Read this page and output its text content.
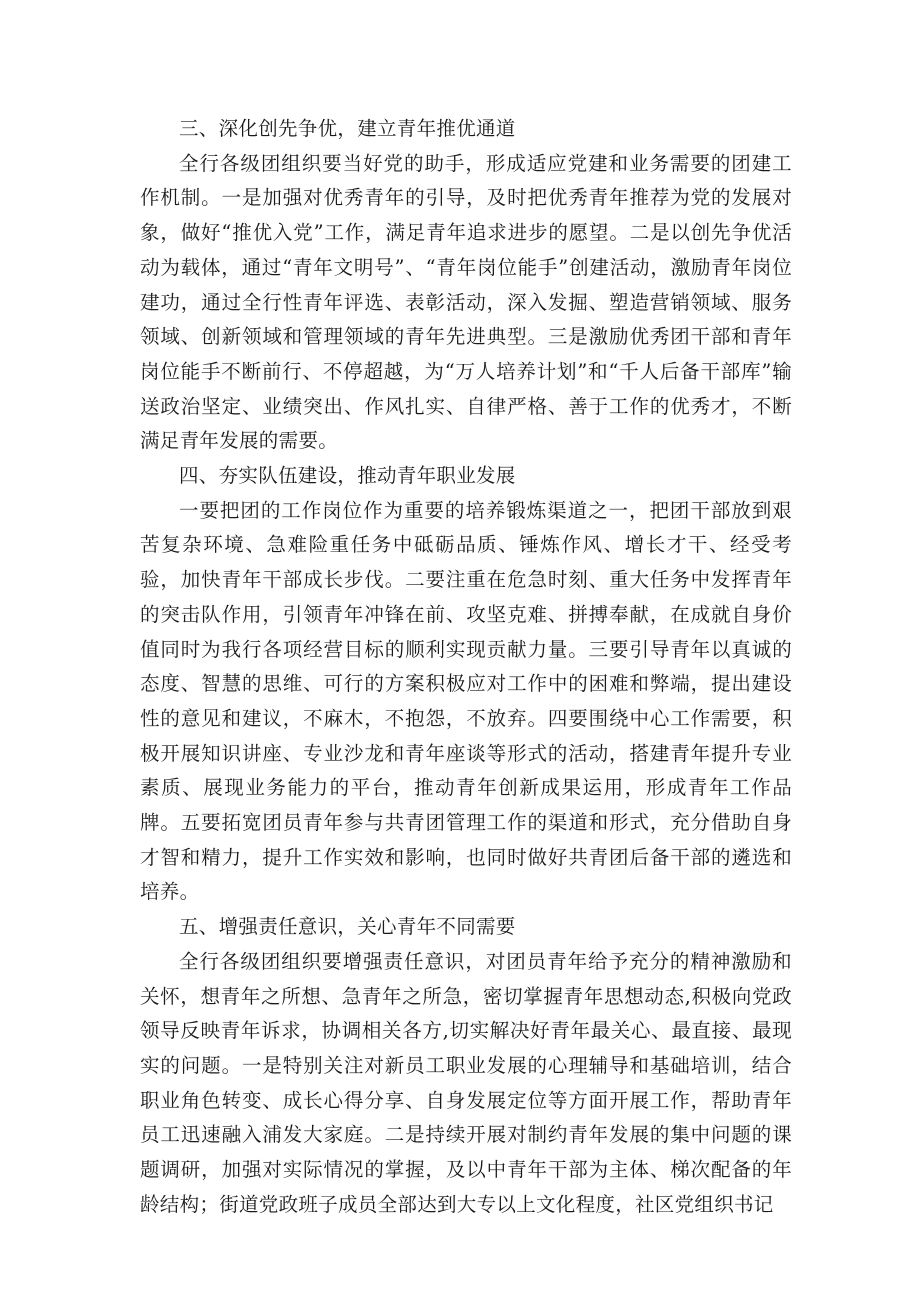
三、深化创先争优，建立青年推优通道

全行各级团组织要当好党的助手，形成适应党建和业务需要的团建工作机制。一是加强对优秀青年的引导，及时把优秀青年推荐为党的发展对象，做好“推优入党”工作，满足青年追求进步的愿望。二是以创先争优活动为载体，通过“青年文明号”、“青年岗位能手”创建活动，激励青年岗位建功，通过全行性青年评选、表彰活动，深入发掘、塑造营销领域、服务领域、创新领域和管理领域的青年先进典型。三是激励优秀团干部和青年岗位能手不断前行、不停超越，为“万人培养计划”和“千人后备干部库”输送政治坚定、业绩突出、作风扎实、自律严格、善于工作的优秀才，不断满足青年发展的需要。

四、夯实队伍建设，推动青年职业发展

一要把团的工作岗位作为重要的培养锻炼渠道之一，把团干部放到艰苦复杂环境、急难险重任务中砥砺品质、锤炼作风、增长才干、经受考验，加快青年干部成长步伐。二要注重在危急时刻、重大任务中发挥青年的突击队作用，引领青年冲锋在前、攻坚克难、拼搏奉献，在成就自身价值同时为我行各项经营目标的顺利实现贡献力量。三要引导青年以真诚的态度、智慧的思维、可行的方案积极应对工作中的困难和弊端，提出建设性的意见和建议，不麻木，不抱怨，不放弃。四要围绕中心工作需要，积极开展知识讲座、专业沙龙和青年座谈等形式的活动，搭建青年提升专业素质、展现业务能力的平台，推动青年创新成果运用，形成青年工作品牌。五要拓宽团员青年参与共青团管理工作的渠道和形式，充分借助自身才智和精力，提升工作实效和影响，也同时做好共青团后备干部的遴选和培养。

五、增强责任意识，关心青年不同需要

全行各级团组织要增强责任意识，对团员青年给予充分的精神激励和关怀，想青年之所想、急青年之所急，密切掌握青年思想动态,积极向党政领导反映青年诉求，协调相关各方,切实解决好青年最关心、最直接、最现实的问题。一是特别关注对新员工职业发展的心理辅导和基础培训，结合职业角色转变、成长心得分享、自身发展定位等方面开展工作，帮助青年员工迅速融入浦发大家庭。二是持续开展对制约青年发展的集中问题的课题调研，加强对实际情况的掌握，及以中青年干部为主体、梯次配备的年龄结构；街道党政班子成员全部达到大专以上文化程度，社区党组织书记
